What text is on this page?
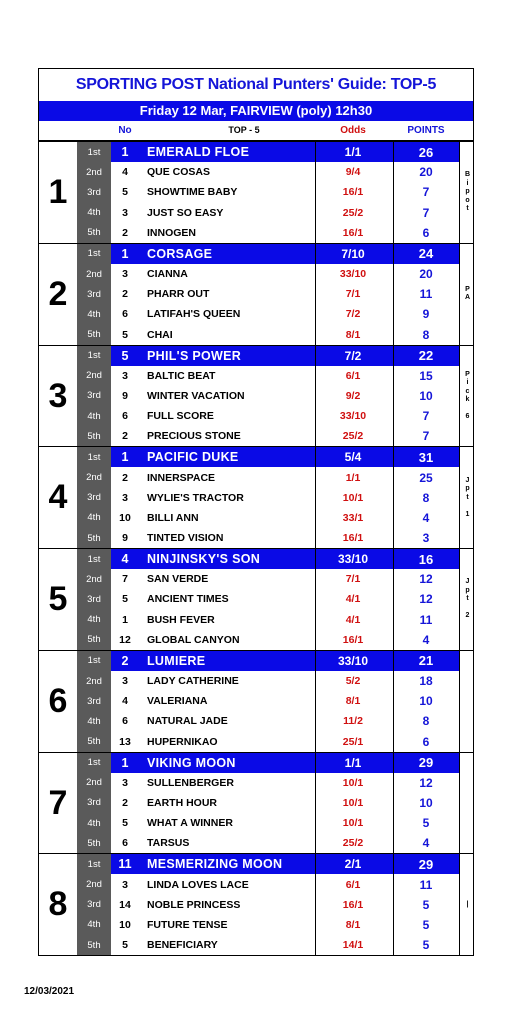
SPORTING POST National Punters' Guide: TOP-5
Friday 12 Mar, FAIRVIEW (poly) 12h30
No	TOP - 5	Odds	POINTS
1
1st	1	EMERALD FLOE	1/1	26
2nd	4	QUE COSAS	9/4	20
3rd	5	SHOWTIME BABY	16/1	7
4th	3	JUST SO EASY	25/2	7
5th	2	INNOGEN	16/1	6
B
i
p
o
t
2
1st	1	CORSAGE	7/10	24
2nd	3	CIANNA	33/10	20
3rd	2	PHARR OUT	7/1	11
4th	6	LATIFAH'S QUEEN	7/2	9
5th	5	CHAI	8/1	8
P
A
3
1st	5	PHIL'S POWER	7/2	22
2nd	3	BALTIC BEAT	6/1	15
3rd	9	WINTER VACATION	9/2	10
4th	6	FULL SCORE	33/10	7
5th	2	PRECIOUS STONE	25/2	7
P
i
c
k
6
4
1st	1	PACIFIC DUKE	5/4	31
2nd	2	INNERSPACE	1/1	25
3rd	3	WYLIE'S TRACTOR	10/1	8
4th	10	BILLI ANN	33/1	4
5th	9	TINTED VISION	16/1	3
J
p
t
1
5
1st	4	NINJINSKY'S SON	33/10	16
2nd	7	SAN VERDE	7/1	12
3rd	5	ANCIENT TIMES	4/1	12
4th	1	BUSH FEVER	4/1	11
5th	12	GLOBAL CANYON	16/1	4
J
p
t
2
6
1st	2	LUMIERE	33/10	21
2nd	3	LADY CATHERINE	5/2	18
3rd	4	VALERIANA	8/1	10
4th	6	NATURAL JADE	11/2	8
5th	13	HUPERNIKAO	25/1	6
7
1st	1	VIKING MOON	1/1	29
2nd	3	SULLENBERGER	10/1	12
3rd	2	EARTH HOUR	10/1	10
4th	5	WHAT A WINNER	10/1	5
5th	6	TARSUS	25/2	4
8
1st	11	MESMERIZING MOON	2/1	29
2nd	3	LINDA LOVES LACE	6/1	11
3rd	14	NOBLE PRINCESS	16/1	5
4th	10	FUTURE TENSE	8/1	5
5th	5	BENEFICIARY	14/1	5
|
12/03/2021
